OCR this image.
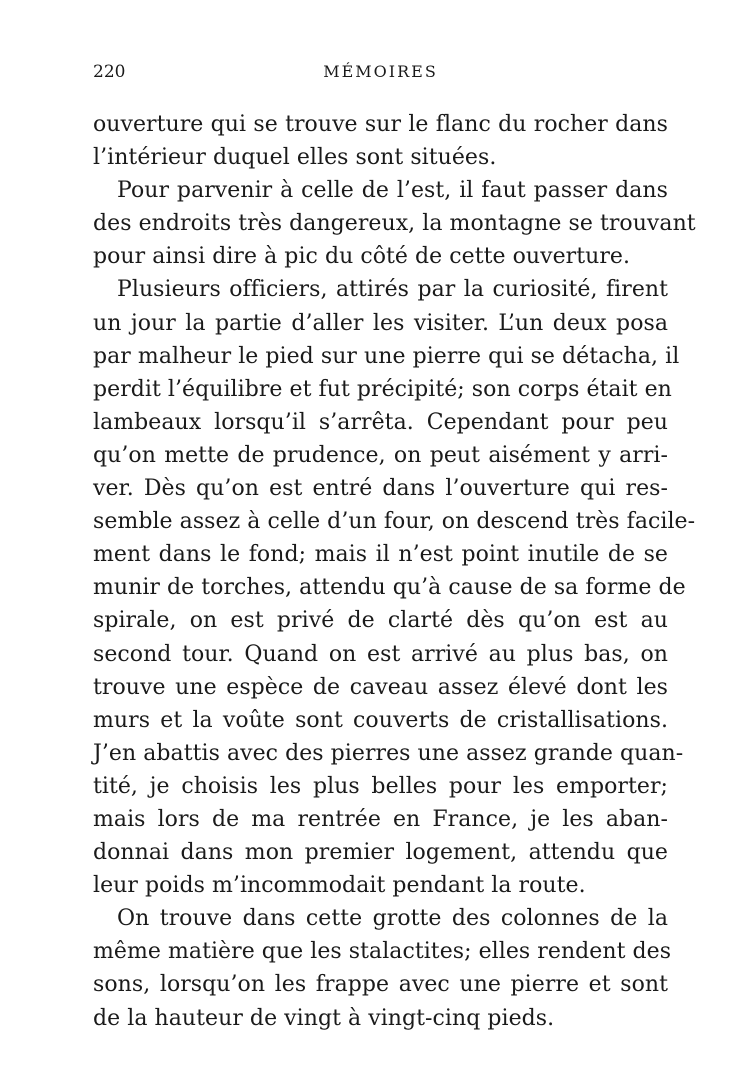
220	MÉMOIRES
ouverture qui se trouve sur le flanc du rocher dans
l’intérieur duquel elles sont situées.
Pour parvenir à celle de l’est, il faut passer dans
des endroits très dangereux, la montagne se trouvant
pour ainsi dire à pic du côté de cette ouverture.
Plusieurs officiers, attirés par la curiosité, firent
un jour la partie d’aller les visiter. L’un deux posa
par malheur le pied sur une pierre qui se détacha, il
perdit l’équilibre et fut précipité; son corps était en
lambeaux lorsqu’il s’arrêta. Cependant pour peu
qu’on mette de prudence, on peut aisément y arri-
ver. Dès qu’on est entré dans l’ouverture qui res-
semble assez à celle d’un four, on descend très facile-
ment dans le fond; mais il n’est point inutile de se
munir de torches, attendu qu’à cause de sa forme de
spirale, on est privé de clarté dès qu’on est au
second tour. Quand on est arrivé au plus bas, on
trouve une espèce de caveau assez élevé dont les
murs et la voûte sont couverts de cristallisations.
J’en abattis avec des pierres une assez grande quan-
tité, je choisis les plus belles pour les emporter;
mais lors de ma rentrée en France, je les aban-
donnai dans mon premier logement, attendu que
leur poids m’incommodait pendant la route.
On trouve dans cette grotte des colonnes de la
même matière que les stalactites; elles rendent des
sons, lorsqu’on les frappe avec une pierre et sont
de la hauteur de vingt à vingt-cinq pieds.
